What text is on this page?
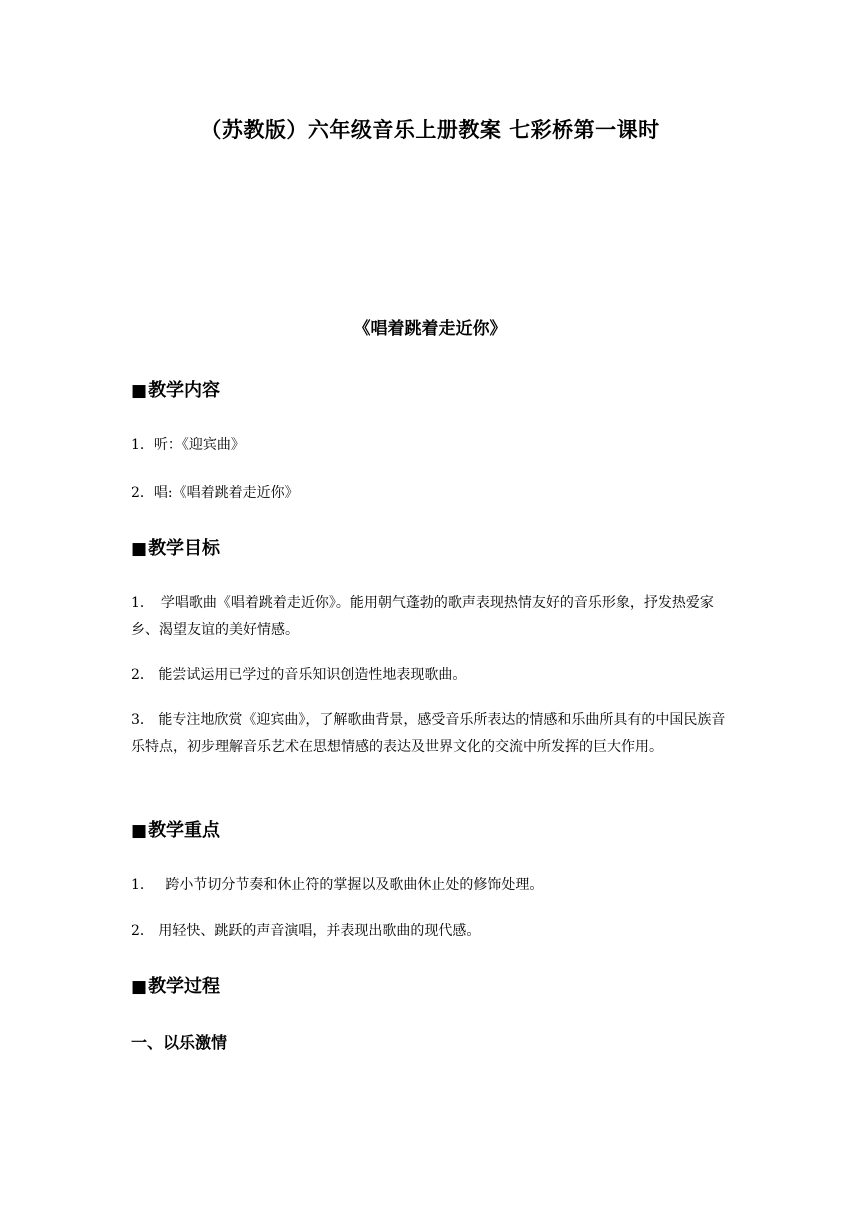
（苏教版）六年级音乐上册教案 七彩桥第一课时
《唱着跳着走近你》
■教学内容
1．听：《迎宾曲》
2．唱:《唱着跳着走近你》
■教学目标
1．　学唱歌曲《唱着跳着走近你》。能用朝气蓬勃的歌声表现热情友好的音乐形象，抒发热爱家乡、渴望友谊的美好情感。
2． 能尝试运用已学过的音乐知识创造性地表现歌曲。
3． 能专注地欣赏《迎宾曲》，了解歌曲背景，感受音乐所表达的情感和乐曲所具有的中国民族音乐特点，初步理解音乐艺术在思想情感的表达及世界文化的交流中所发挥的巨大作用。
■教学重点
1．　 跨小节切分节奏和休止符的掌握以及歌曲休止处的修饰处理。
2． 用轻快、跳跃的声音演唱，并表现出歌曲的现代感。
■教学过程
一、以乐激情
